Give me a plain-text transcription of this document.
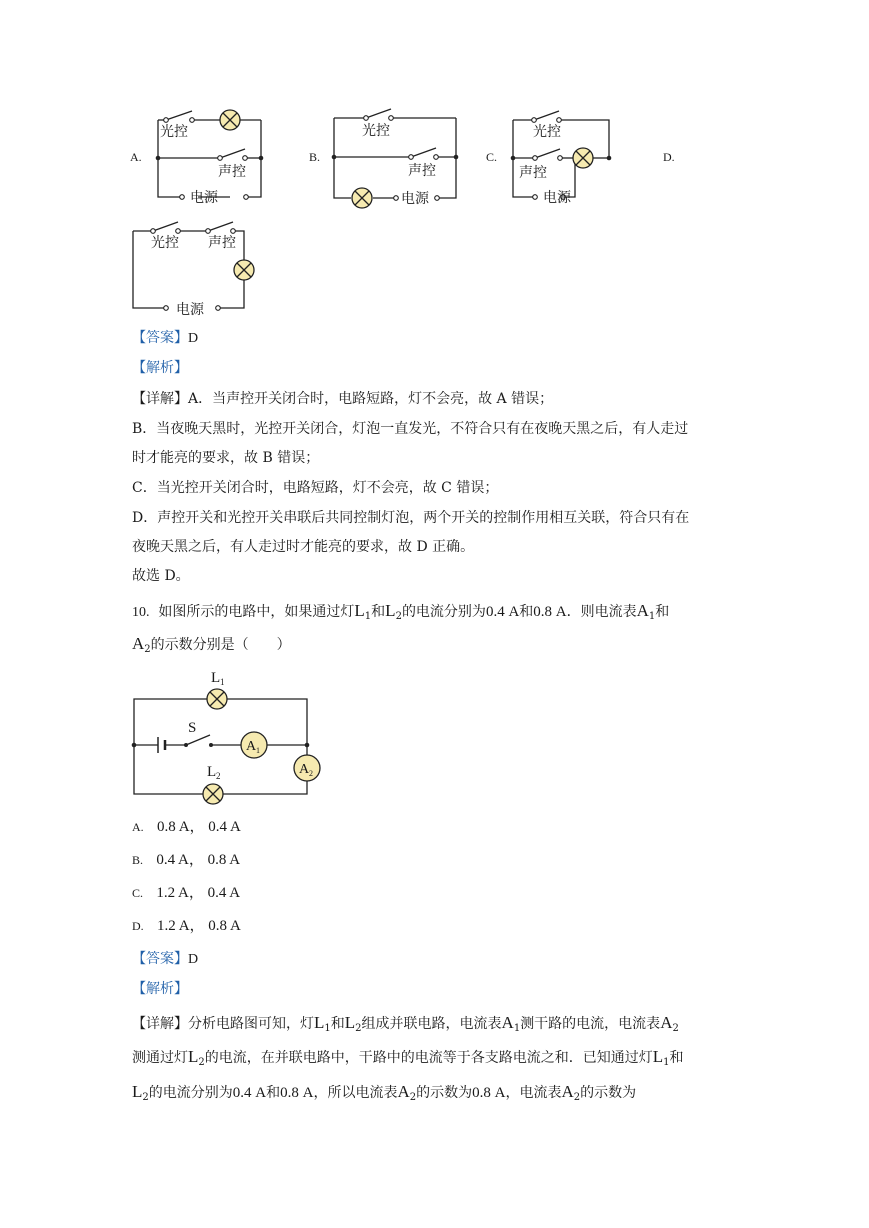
A.	B.	C.	D.
光控
声控
电源
光控
声控
电源
光控
声控
电源
光控 声控
电源
【答案】D
【解析】
【详解】A．当声控开关闭合时，电路短路，灯不会亮，故 A 错误；
B．当夜晚天黑时，光控开关闭合，灯泡一直发光，不符合只有在夜晚天黑之后，有人走过
时才能亮的要求，故 B 错误；
C．当光控开关闭合时，电路短路，灯不会亮，故 C 错误；
D．声控开关和光控开关串联后共同控制灯泡，两个开关的控制作用相互关联，符合只有在
夜晚天黑之后，有人走过时才能亮的要求，故 D 正确。
故选 D。
10. 如图所示的电路中，如果通过灯$L_1$和$L_2$的电流分别为0.4 A和0.8 A．则电流表$A_1$和
$A_2$的示数分别是（　　）
L 1
S
L 2
A 1
A 2
A. 0.8 A， 0.4 A
B. 0.4 A， 0.8 A
C. 1.2 A， 0.4 A
D. 1.2 A， 0.8 A
【答案】D
【解析】
【详解】分析电路图可知，灯$L_1$和$L_2$组成并联电路，电流表$A_1$测干路的电流，电流表$A_2$
测通过灯$L_2$的电流，在并联电路中，干路中的电流等于各支路电流之和．已知通过灯$L_1$和
$L_2$的电流分别为0.4 A和0.8 A，所以电流表$A_2$的示数为0.8 A，电流表$A_2$的示数为
